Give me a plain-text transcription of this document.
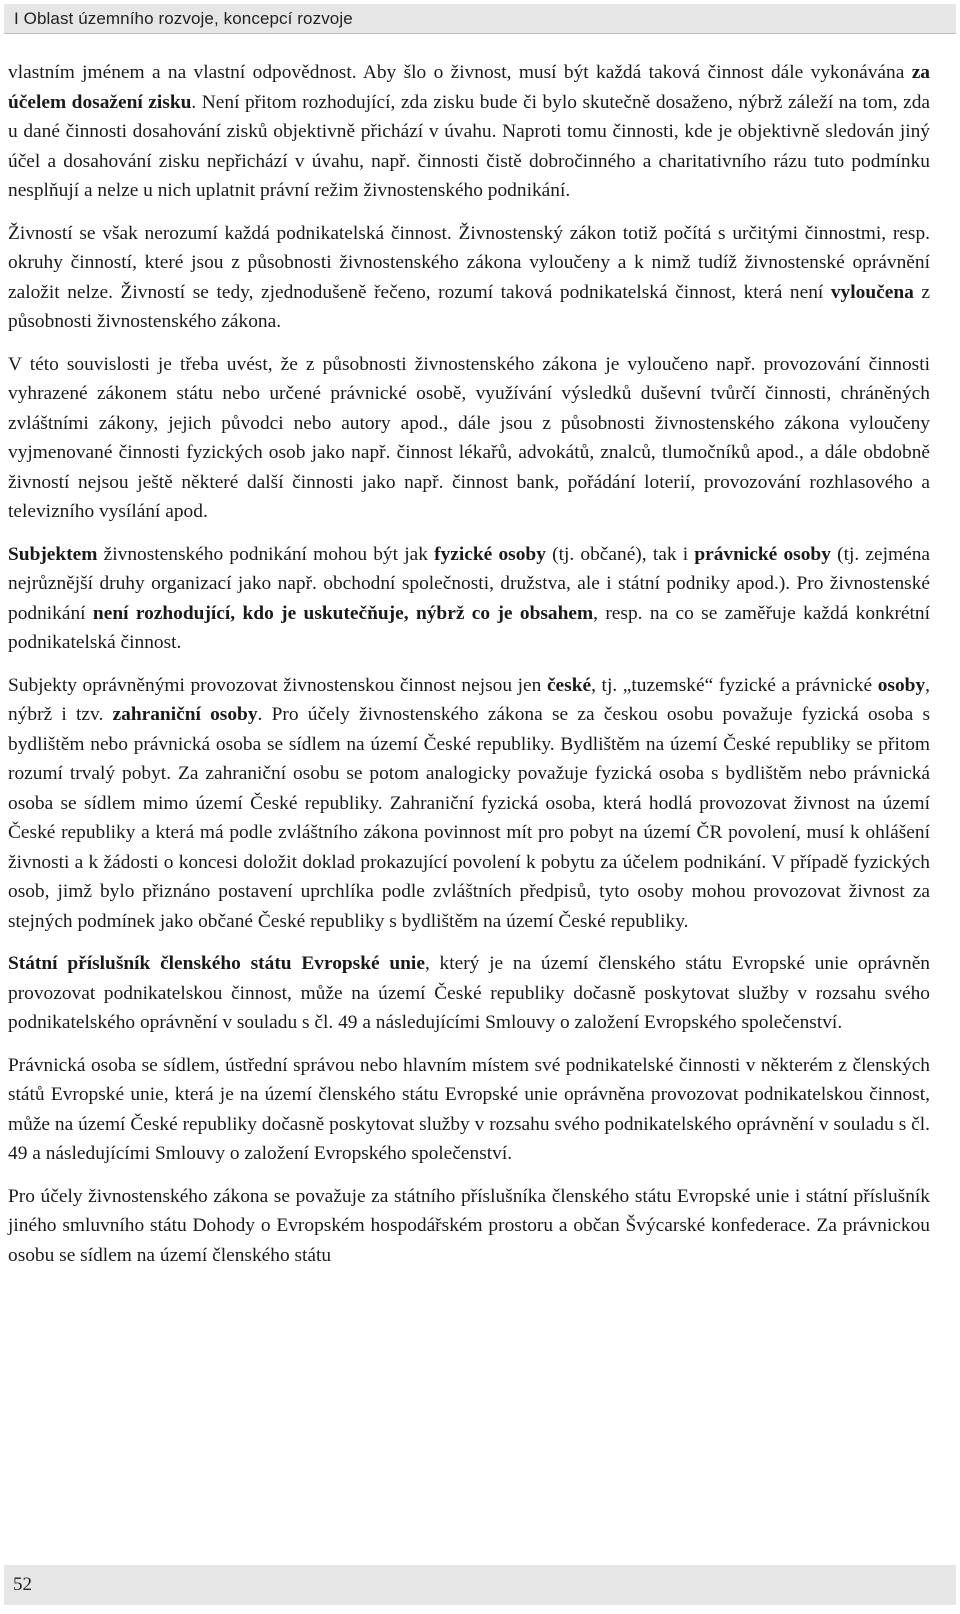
I Oblast územního rozvoje, koncepcí rozvoje

vlastním jménem a na vlastní odpovědnost. Aby šlo o živnost, musí být každá taková činnost dále vykonávána za účelem dosažení zisku. Není přitom rozhodující, zda zisku bude či bylo skutečně dosaženo, nýbrž záleží na tom, zda u dané činnosti dosahování zisků objektivně přichází v úvahu. Naproti tomu činnosti, kde je objektivně sledován jiný účel a dosahování zisku nepřichází v úvahu, např. činnosti čistě dobročinného a charitativního rázu tuto podmínku nesplňují a nelze u nich uplatnit právní režim živnostenského podnikání.

Živností se však nerozumí každá podnikatelská činnost. Živnostenský zákon totiž počítá s určitými činnostmi, resp. okruhy činností, které jsou z působnosti živnostenského zákona vyloučeny a k nimž tudíž živnostenské oprávnění založit nelze. Živností se tedy, zjednodušeně řečeno, rozumí taková podnikatelská činnost, která není vyloučena z působnosti živnostenského zákona.

V této souvislosti je třeba uvést, že z působnosti živnostenského zákona je vyloučeno např. provozování činnosti vyhrazené zákonem státu nebo určené právnické osobě, využívání výsledků duševní tvůrčí činnosti, chráněných zvláštními zákony, jejich původci nebo autory apod., dále jsou z působnosti živnostenského zákona vyloučeny vyjmenované činnosti fyzických osob jako např. činnost lékařů, advokátů, znalců, tlumočníků apod., a dále obdobně živností nejsou ještě některé další činnosti jako např. činnost bank, pořádání loterií, provozování rozhlasového a televizního vysílání apod.

Subjektem živnostenského podnikání mohou být jak fyzické osoby (tj. občané), tak i právnické osoby (tj. zejména nejrůznější druhy organizací jako např. obchodní společnosti, družstva, ale i státní podniky apod.). Pro živnostenské podnikání není rozhodující, kdo je uskutečňuje, nýbrž co je obsahem, resp. na co se zaměřuje každá konkrétní podnikatelská činnost.

Subjekty oprávněnými provozovat živnostenskou činnost nejsou jen české, tj. „tuzemské“ fyzické a právnické osoby, nýbrž i tzv. zahraniční osoby. Pro účely živnostenského zákona se za českou osobu považuje fyzická osoba s bydlištěm nebo právnická osoba se sídlem na území České republiky. Bydlištěm na území České republiky se přitom rozumí trvalý pobyt. Za zahraniční osobu se potom analogicky považuje fyzická osoba s bydlištěm nebo právnická osoba se sídlem mimo území České republiky. Zahraniční fyzická osoba, která hodlá provozovat živnost na území České republiky a která má podle zvláštního zákona povinnost mít pro pobyt na území ČR povolení, musí k ohlášení živnosti a k žádosti o koncesi doložit doklad prokazující povolení k pobytu za účelem podnikání. V případě fyzických osob, jimž bylo přiznáno postavení uprchlíka podle zvláštních předpisů, tyto osoby mohou provozovat živnost za stejných podmínek jako občané České republiky s bydlištěm na území České republiky.

Státní příslušník členského státu Evropské unie, který je na území členského státu Evropské unie oprávněn provozovat podnikatelskou činnost, může na území České republiky dočasně poskytovat služby v rozsahu svého podnikatelského oprávnění v souladu s čl. 49 a následujícími Smlouvy o založení Evropského společenství.

Právnická osoba se sídlem, ústřední správou nebo hlavním místem své podnikatelské činnosti v některém z členských států Evropské unie, která je na území členského státu Evropské unie oprávněna provozovat podnikatelskou činnost, může na území České republiky dočasně poskytovat služby v rozsahu svého podnikatelského oprávnění v souladu s čl. 49 a následujícími Smlouvy o založení Evropského společenství.

Pro účely živnostenského zákona se považuje za státního příslušníka členského státu Evropské unie i státní příslušník jiného smluvního státu Dohody o Evropském hospodářském prostoru a občan Švýcarské konfederace. Za právnickou osobu se sídlem na území členského státu

52
